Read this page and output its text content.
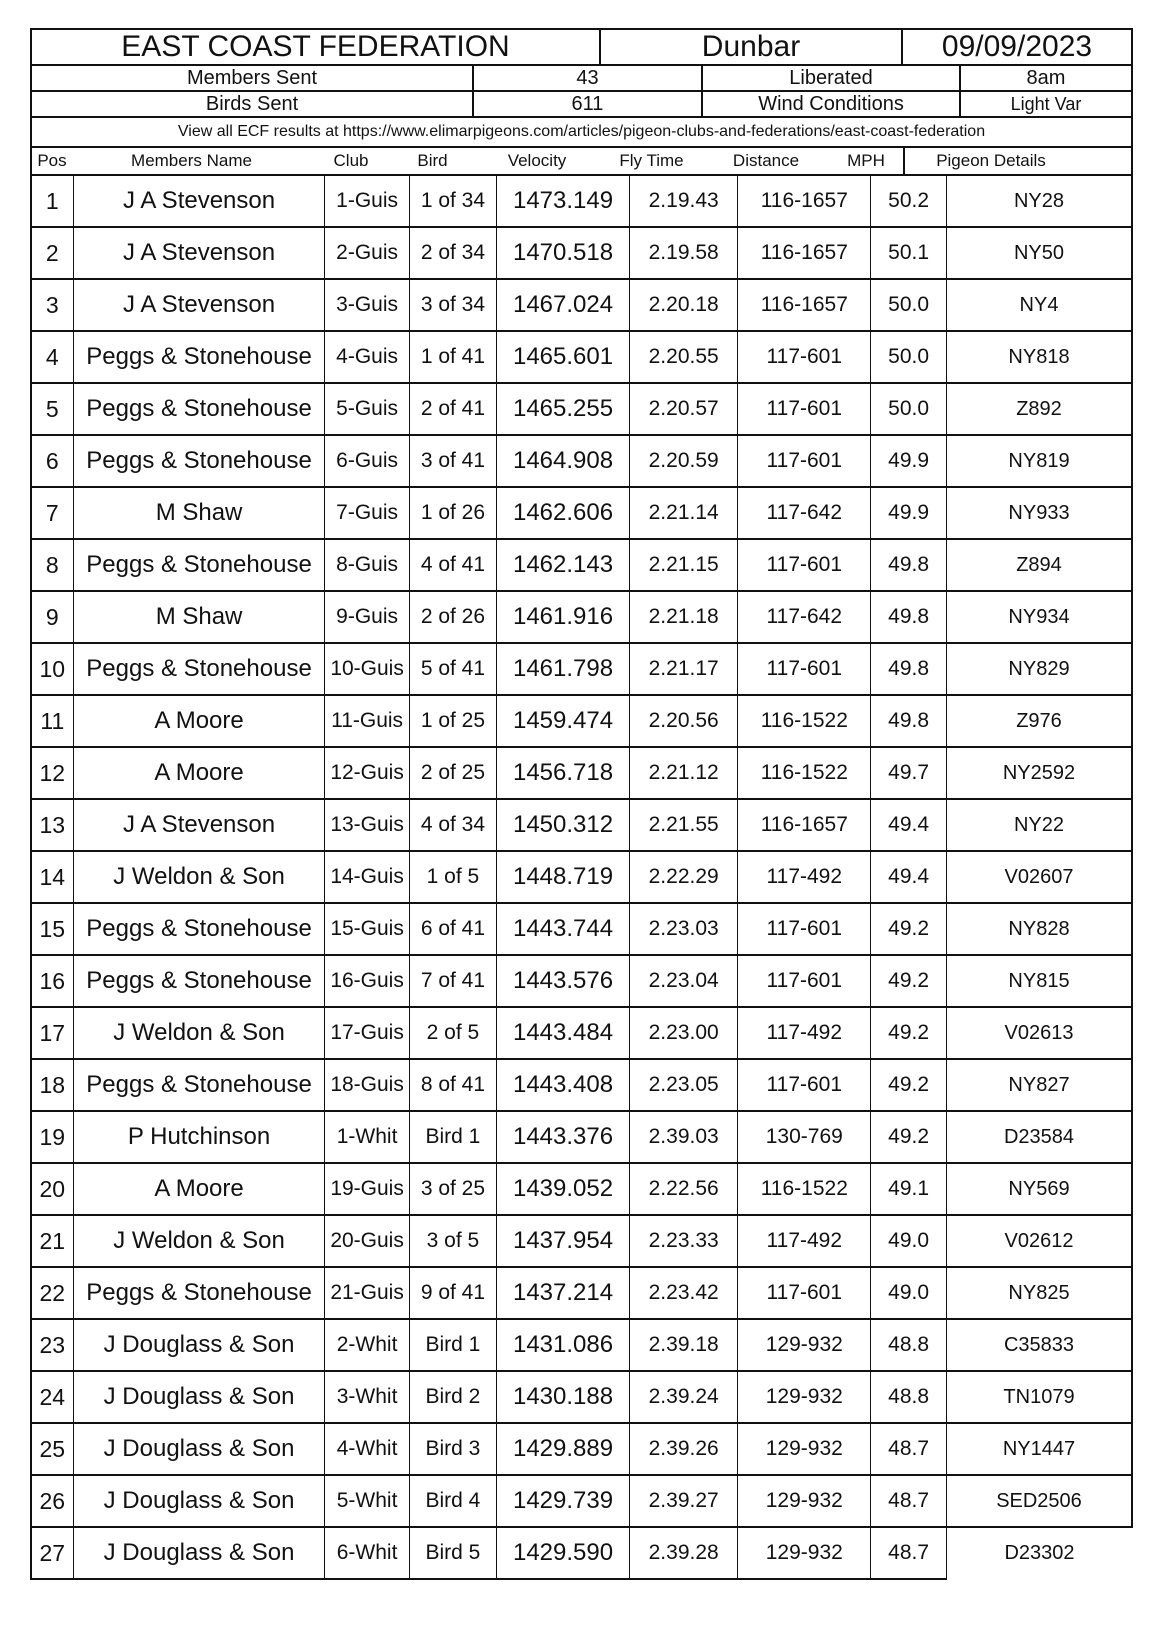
EAST COAST FEDERATION	Dunbar	09/09/2023
Members Sent	43	Liberated	8am
Birds Sent	611	Wind Conditions	Light Var
View all ECF results at https://www.elimarpigeons.com/articles/pigeon-clubs-and-federations/east-coast-federation
Pos	Members Name	Club	Bird	Velocity	Fly Time	Distance	MPH	Pigeon Details
1	J A Stevenson	1-Guis	1 of 34	1473.149	2.19.43	116-1657	50.2	NY28
2	J A Stevenson	2-Guis	2 of 34	1470.518	2.19.58	116-1657	50.1	NY50
3	J A Stevenson	3-Guis	3 of 34	1467.024	2.20.18	116-1657	50.0	NY4
4	Peggs & Stonehouse	4-Guis	1 of 41	1465.601	2.20.55	117-601	50.0	NY818
5	Peggs & Stonehouse	5-Guis	2 of 41	1465.255	2.20.57	117-601	50.0	Z892
6	Peggs & Stonehouse	6-Guis	3 of 41	1464.908	2.20.59	117-601	49.9	NY819
7	M Shaw	7-Guis	1 of 26	1462.606	2.21.14	117-642	49.9	NY933
8	Peggs & Stonehouse	8-Guis	4 of 41	1462.143	2.21.15	117-601	49.8	Z894
9	M Shaw	9-Guis	2 of 26	1461.916	2.21.18	117-642	49.8	NY934
10	Peggs & Stonehouse	10-Guis	5 of 41	1461.798	2.21.17	117-601	49.8	NY829
11	A Moore	11-Guis	1 of 25	1459.474	2.20.56	116-1522	49.8	Z976
12	A Moore	12-Guis	2 of 25	1456.718	2.21.12	116-1522	49.7	NY2592
13	J A Stevenson	13-Guis	4 of 34	1450.312	2.21.55	116-1657	49.4	NY22
14	J Weldon & Son	14-Guis	1 of 5	1448.719	2.22.29	117-492	49.4	V02607
15	Peggs & Stonehouse	15-Guis	6 of 41	1443.744	2.23.03	117-601	49.2	NY828
16	Peggs & Stonehouse	16-Guis	7 of 41	1443.576	2.23.04	117-601	49.2	NY815
17	J Weldon & Son	17-Guis	2 of 5	1443.484	2.23.00	117-492	49.2	V02613
18	Peggs & Stonehouse	18-Guis	8 of 41	1443.408	2.23.05	117-601	49.2	NY827
19	P Hutchinson	1-Whit	Bird 1	1443.376	2.39.03	130-769	49.2	D23584
20	A Moore	19-Guis	3 of 25	1439.052	2.22.56	116-1522	49.1	NY569
21	J Weldon & Son	20-Guis	3 of 5	1437.954	2.23.33	117-492	49.0	V02612
22	Peggs & Stonehouse	21-Guis	9 of 41	1437.214	2.23.42	117-601	49.0	NY825
23	J Douglass & Son	2-Whit	Bird 1	1431.086	2.39.18	129-932	48.8	C35833
24	J Douglass & Son	3-Whit	Bird 2	1430.188	2.39.24	129-932	48.8	TN1079
25	J Douglass & Son	4-Whit	Bird 3	1429.889	2.39.26	129-932	48.7	NY1447
26	J Douglass & Son	5-Whit	Bird 4	1429.739	2.39.27	129-932	48.7	SED2506
27	J Douglass & Son	6-Whit	Bird 5	1429.590	2.39.28	129-932	48.7	D23302
